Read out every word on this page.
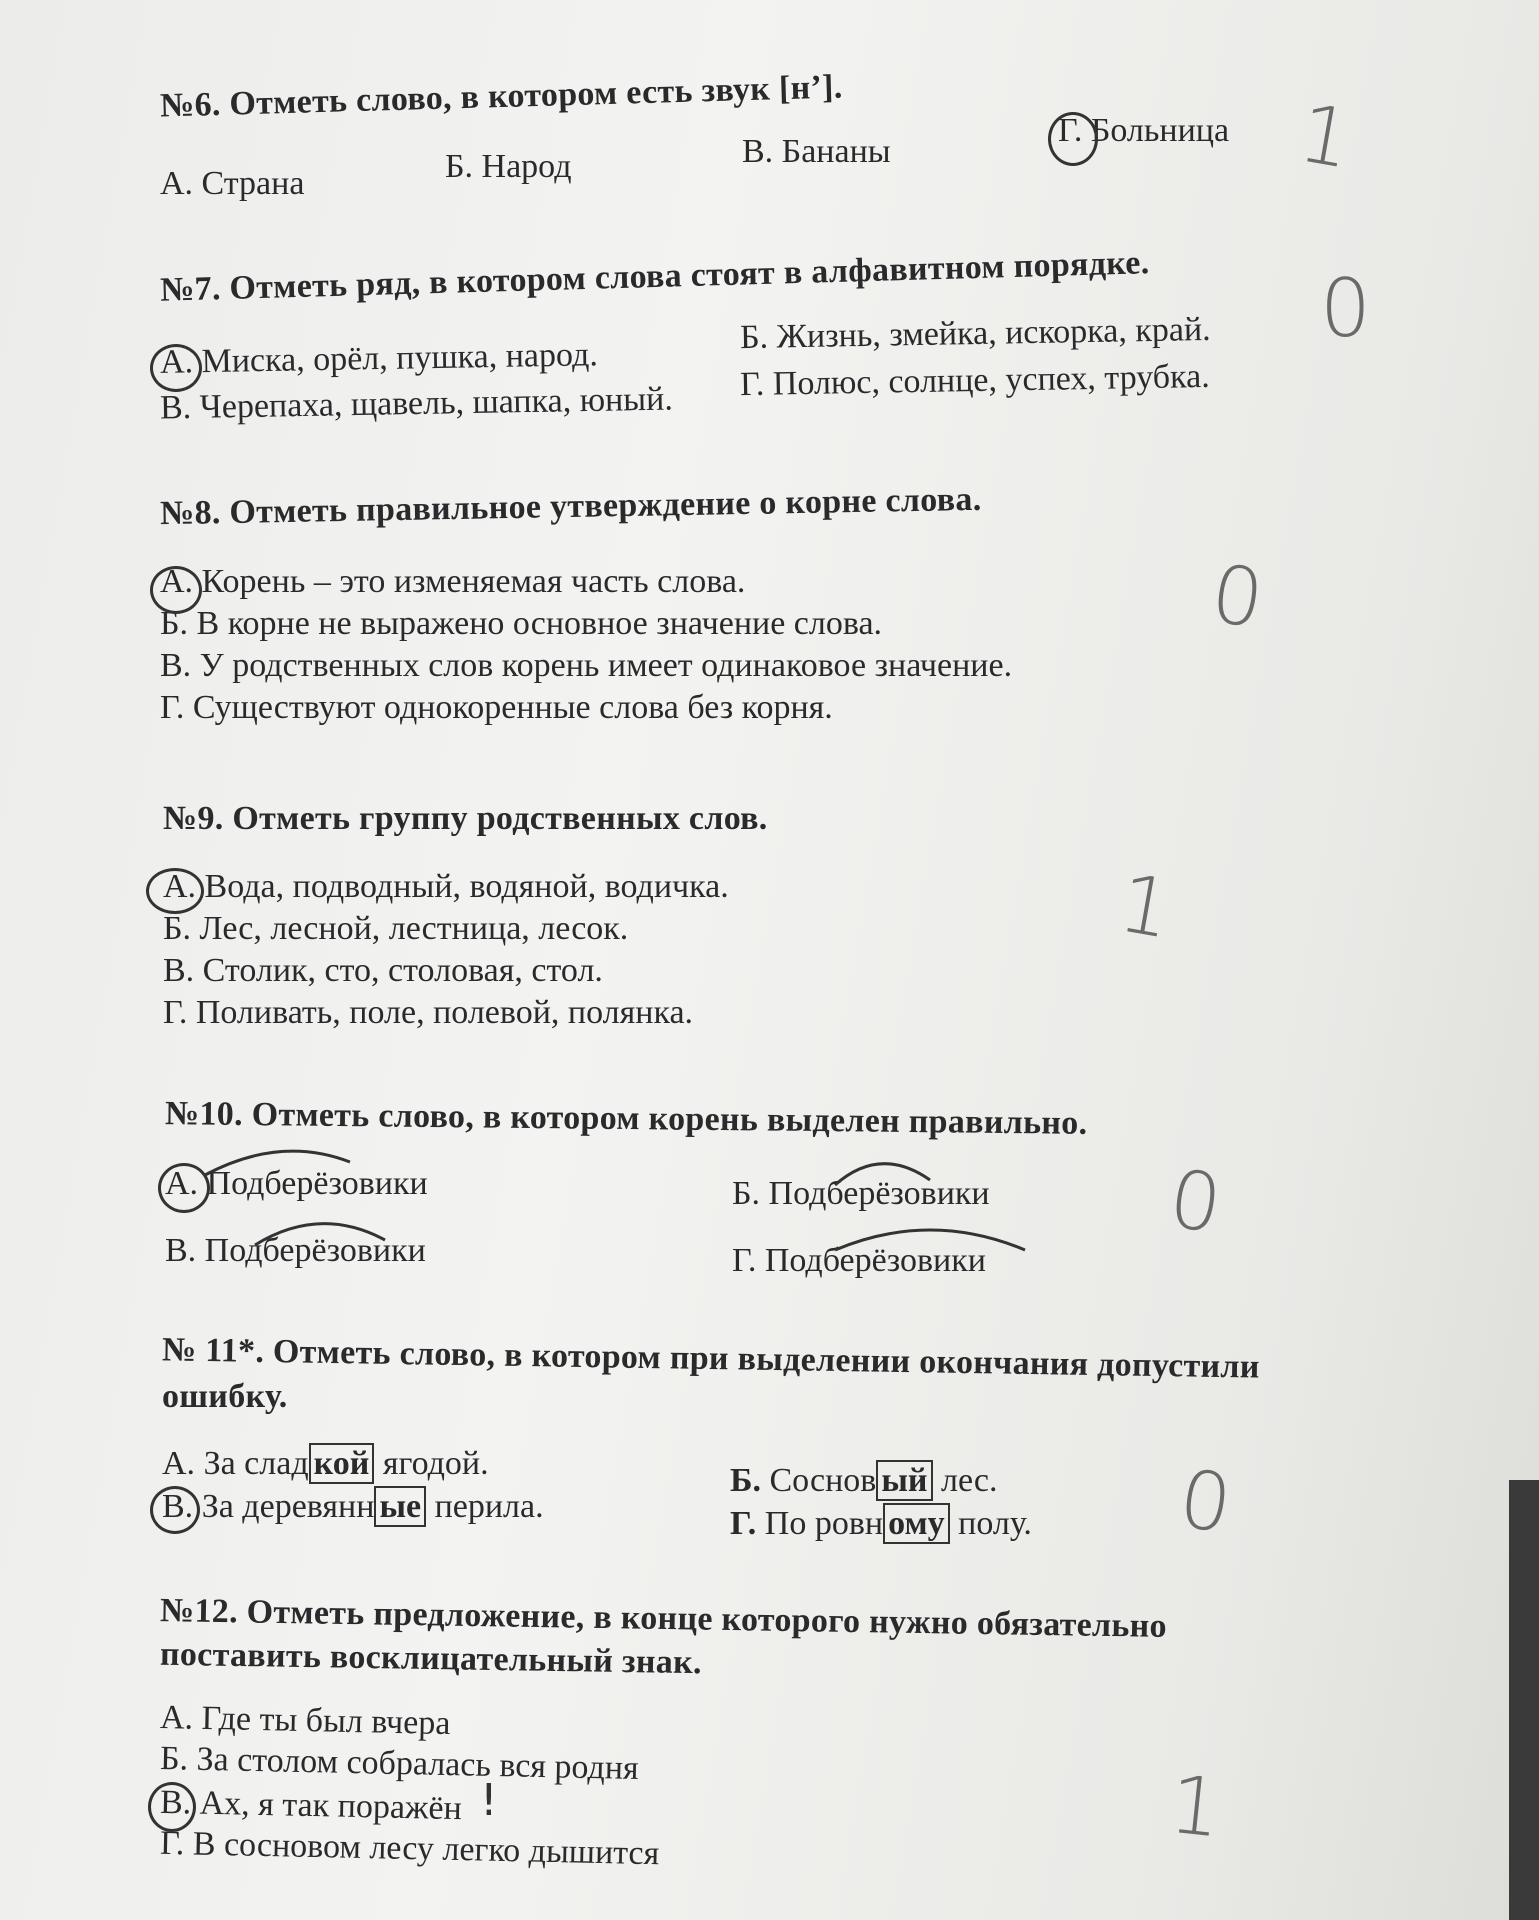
№6. Отметь слово, в котором есть звук [н’].
А. Страна	Б. Народ	В. Бананы
Г. Больница 1
№7. Отметь ряд, в котором слова стоят в алфавитном порядке.
А. Миска, орёл, пушка, народ.
Б. Жизнь, змейка, искорка, край.
В. Черепаха, щавель, шапка, юный.
Г. Полюс, солнце, успех, трубка.
0
№8. Отметь правильное утверждение о корне слова.
А. Корень – это изменяемая часть слова.
Б. В корне не выражено основное значение слова.
В. У родственных слов корень имеет одинаковое значение.
Г. Существуют однокоренные слова без корня.
0
№9. Отметь группу родственных слов.
А. Вода, подводный, водяной, водичка.
Б. Лес, лесной, лестница, лесок.
В. Столик, сто, столовая, стол.
Г. Поливать, поле, полевой, полянка.
1
№10. Отметь слово, в котором корень выделен правильно.
А. Подберёзовики	Б. Подберёзовики
В. Подберёзовики	Г. Подберёзовики
0
№ 11*. Отметь слово, в котором при выделении окончания допустили
ошибку.
А. За слад кой ягодой.	Б. Соснов ый лес.
В. За деревянн ые перила.	Г. По ровн ому полу. 0
№12. Отметь предложение, в конце которого нужно обязательно
поставить восклицательный знак.
А. Где ты был вчера
Б. За столом собралась вся родня
В. Ах, я так поражён
Г. В сосновом лесу легко дышится
!	1
